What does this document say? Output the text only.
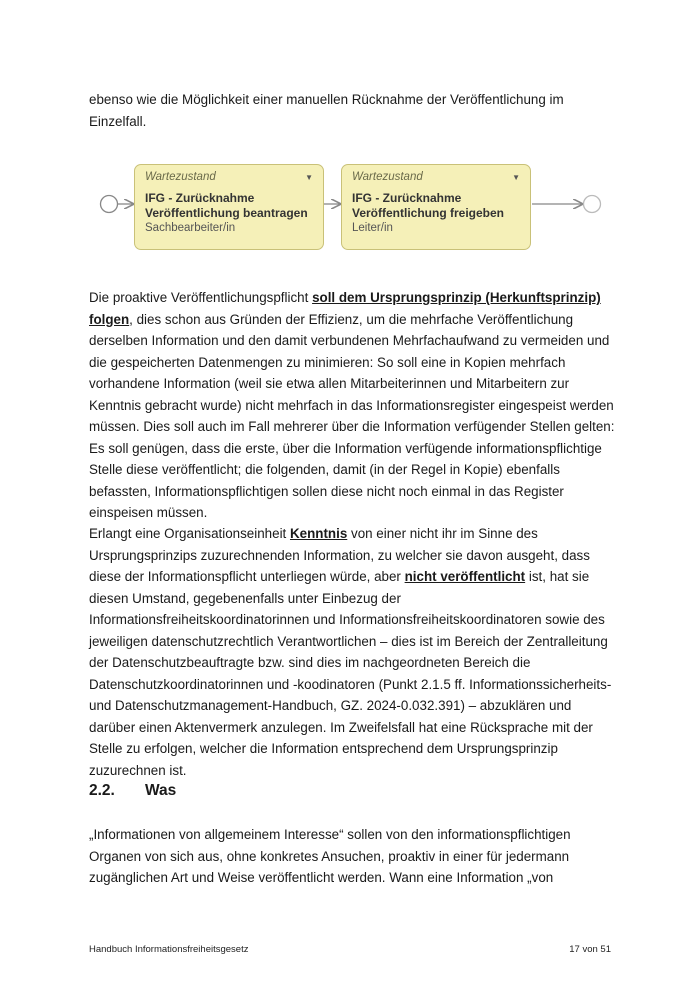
ebenso wie die Möglichkeit einer manuellen Rücknahme der Veröffentlichung im
Einzelfall.

Wartezustand	▼
IFG - Zurücknahme
Veröffentlichung beantragen
Sachbearbeiter/in
Wartezustand	▼
IFG - Zurücknahme
Veröffentlichung freigeben
Leiter/in

Die proaktive Veröffentlichungspflicht soll dem Ursprungsprinzip (Herkunftsprinzip) folgen, dies schon aus Gründen der Effizienz, um die mehrfache Veröffentlichung derselben Information und den damit verbundenen Mehrfachaufwand zu vermeiden und die gespeicherten Datenmengen zu minimieren: So soll eine in Kopien mehrfach vorhandene Information (weil sie etwa allen Mitarbeiterinnen und Mitarbeitern zur Kenntnis gebracht wurde) nicht mehrfach in das Informationsregister eingespeist werden müssen. Dies soll auch im Fall mehrerer über die Information verfügender Stellen gelten: Es soll genügen, dass die erste, über die Information verfügende informationspflichtige Stelle diese veröffentlicht; die folgenden, damit (in der Regel in Kopie) ebenfalls befassten, Informationspflichtigen sollen diese nicht noch einmal in das Register einspeisen müssen.

Erlangt eine Organisationseinheit Kenntnis von einer nicht ihr im Sinne des Ursprungsprinzips zuzurechnenden Information, zu welcher sie davon ausgeht, dass diese der Informationspflicht unterliegen würde, aber nicht veröffentlicht ist, hat sie diesen Umstand, gegebenenfalls unter Einbezug der Informationsfreiheitskoordinatorinnen und Informationsfreiheitskoordinatoren sowie des jeweiligen datenschutzrechtlich Verantwortlichen – dies ist im Bereich der Zentralleitung der Datenschutzbeauftragte bzw. sind dies im nachgeordneten Bereich die Datenschutzkoordinatorinnen und -koodinatoren (Punkt 2.1.5 ff. Informationssicherheits- und Datenschutzmanagement-Handbuch, GZ. 2024-0.032.391) – abzuklären und darüber einen Aktenvermerk anzulegen. Im Zweifelsfall hat eine Rücksprache mit der Stelle zu erfolgen, welcher die Information entsprechend dem Ursprungsprinzip zuzurechnen ist.

2.2. Was

„Informationen von allgemeinem Interesse“ sollen von den informationspflichtigen Organen von sich aus, ohne konkretes Ansuchen, proaktiv in einer für jedermann zugänglichen Art und Weise veröffentlicht werden. Wann eine Information „von

Handbuch Informationsfreiheitsgesetz	17 von 51
